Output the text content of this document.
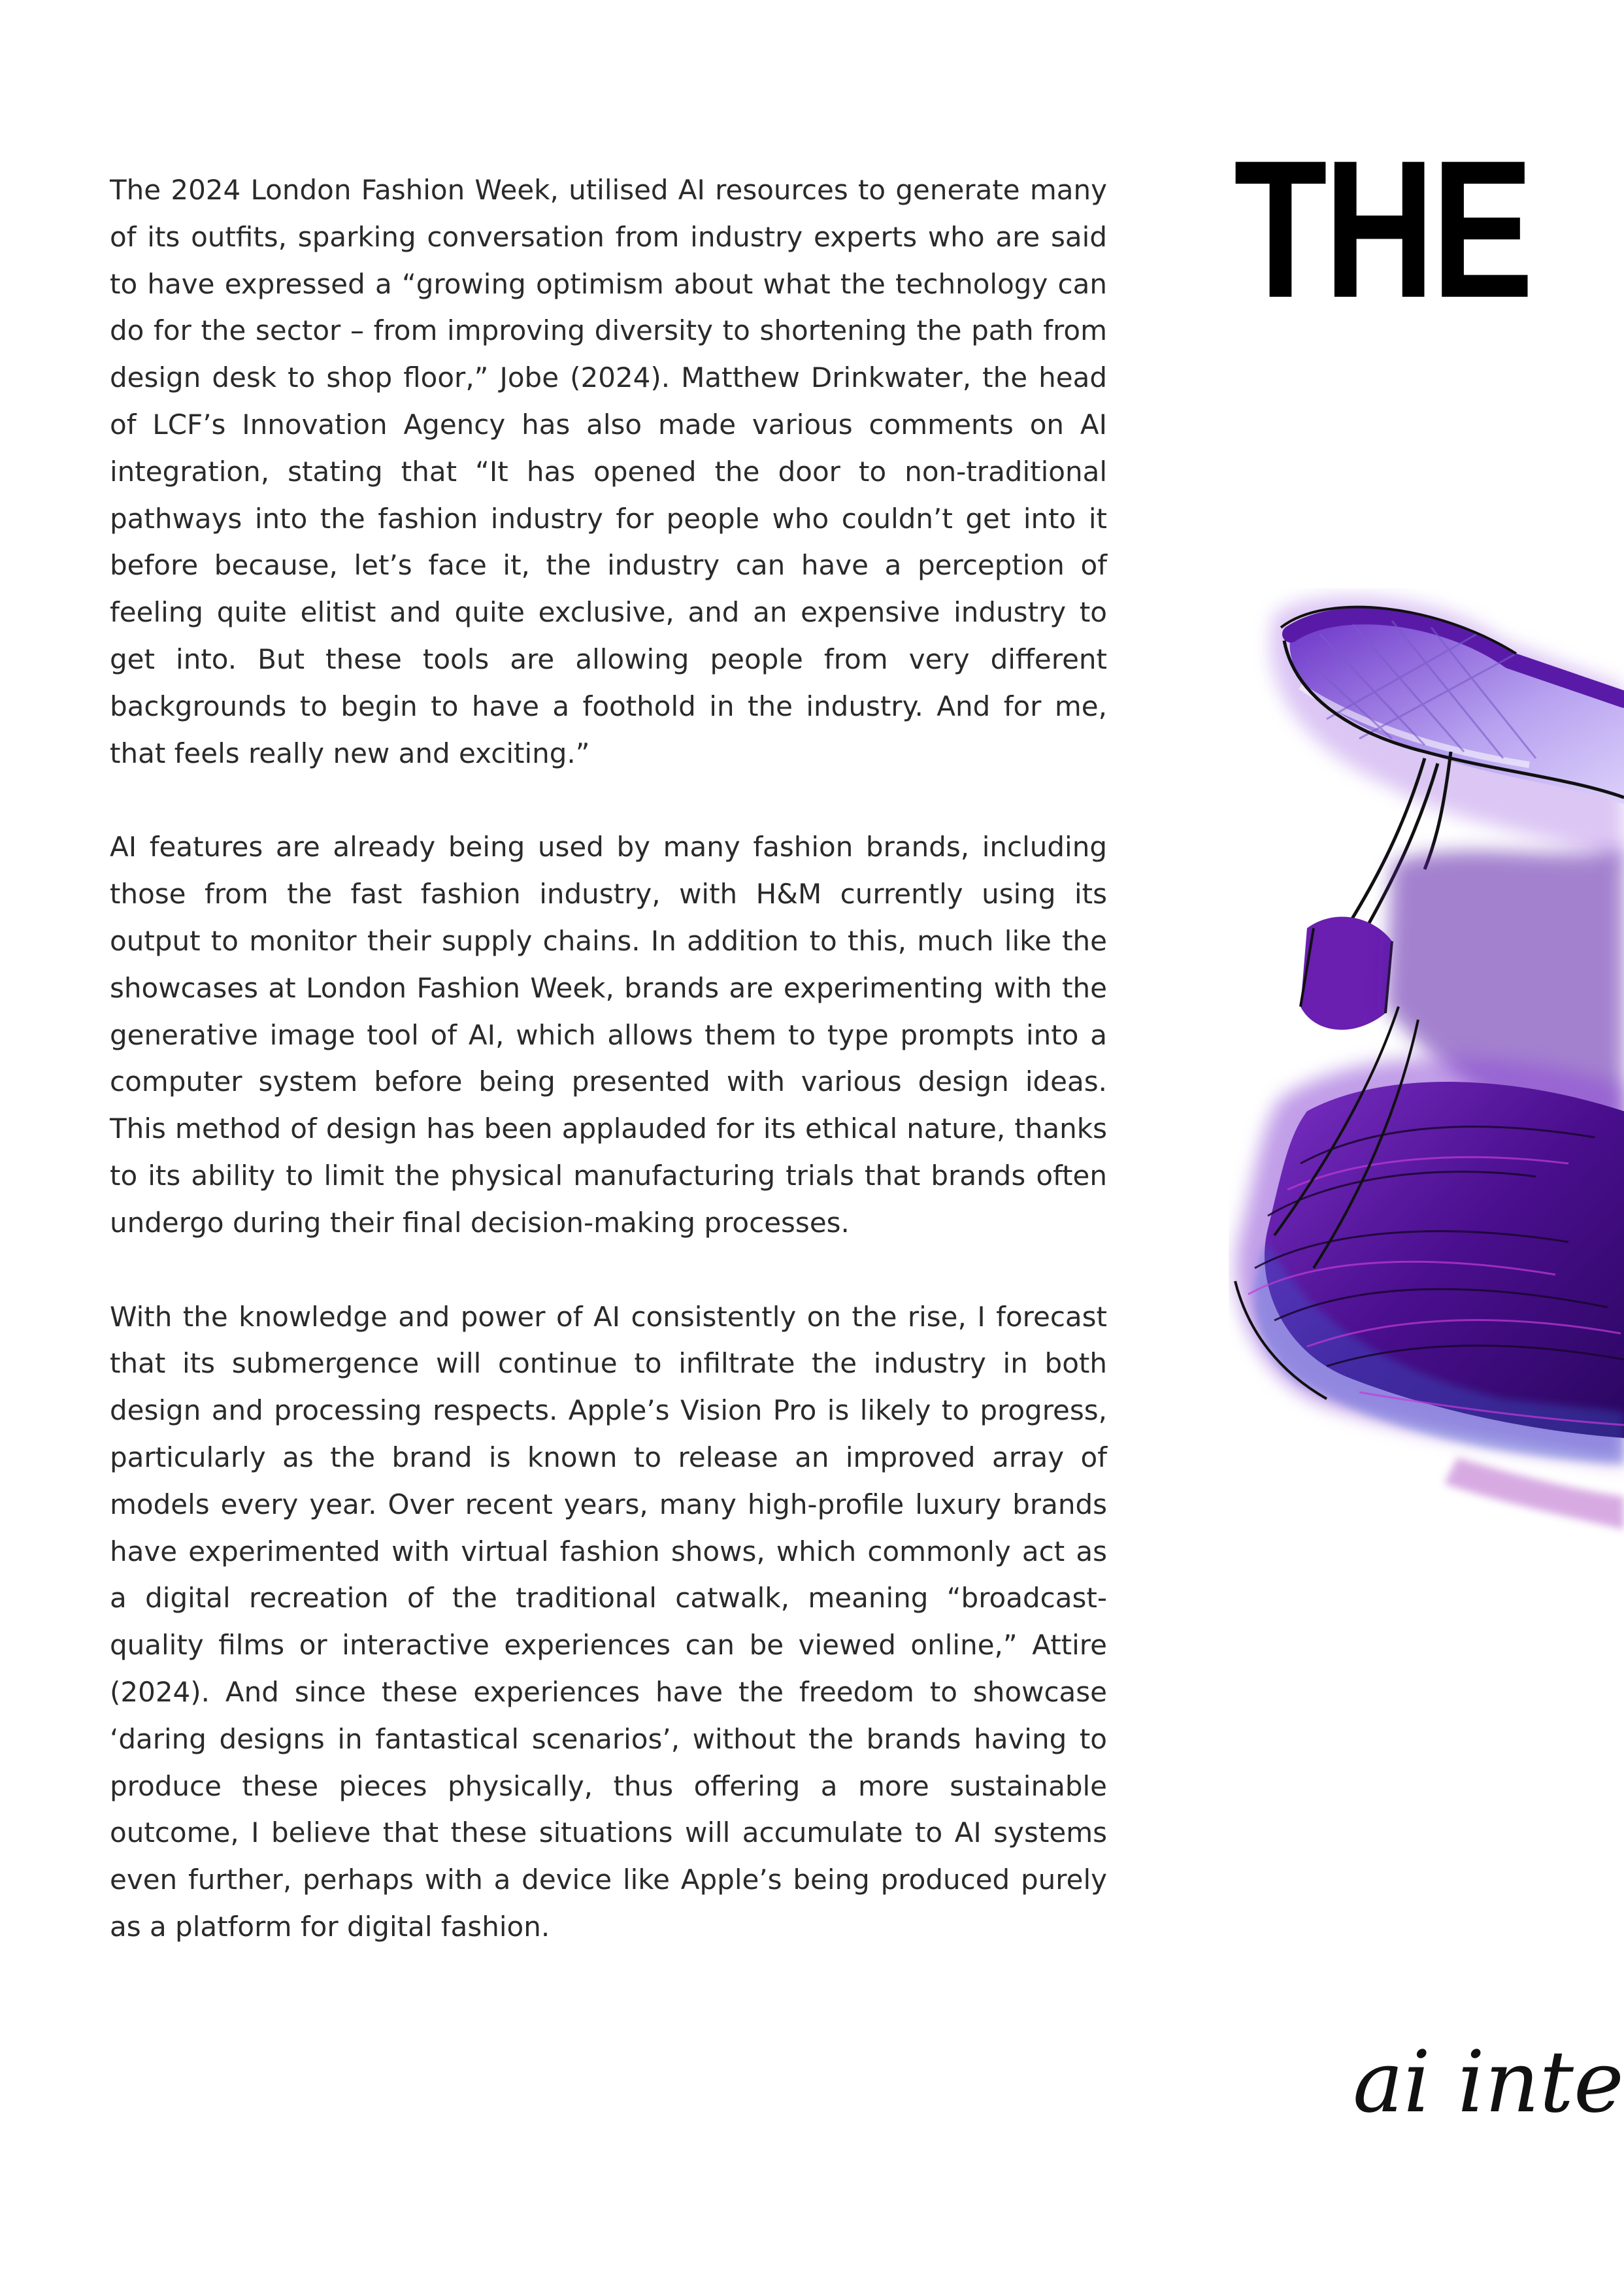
The 2024 London Fashion Week, utilised AI resources to generate many of its outfits, sparking conversation from industry experts who are said to have expressed a “growing optimism about what the technology can do for the sector – from improving diversity to shortening the path from design desk to shop floor,” Jobe (2024). Matthew Drinkwater, the head of LCF’s Innovation Agency has also made various comments on AI integration, stating that “It has opened the door to non-traditional pathways into the fashion industry for people who couldn’t get into it before because, let’s face it, the industry can have a perception of feeling quite elitist and quite exclusive, and an expensive industry to get into. But these tools are allowing people from very different backgrounds to begin to have a foothold in the industry. And for me, that feels really new and exciting.”

AI features are already being used by many fashion brands, including those from the fast fashion industry, with H&M currently using its output to monitor their supply chains. In addition to this, much like the showcases at London Fashion Week, brands are experimenting with the generative image tool of AI, which allows them to type prompts into a computer system before being presented with various design ideas. This method of design has been applauded for its ethical nature, thanks to its ability to limit the physical manufacturing trials that brands often undergo during their final decision-making processes.

With the knowledge and power of AI consistently on the rise, I forecast that its submergence will continue to infiltrate the industry in both design and processing respects. Apple’s Vision Pro is likely to progress, particularly as the brand is known to release an improved array of models every year. Over recent years, many high-profile luxury brands have experimented with virtual fashion shows, which commonly act as a digital recreation of the traditional catwalk, meaning “broadcast-quality films or interactive experiences can be viewed online,” Attire (2024). And since these experiences have the freedom to showcase ‘daring designs in fantastical scenarios’, without the brands having to produce these pieces physically, thus offering a more sustainable outcome, I believe that these situations will accumulate to AI systems even further, perhaps with a device like Apple’s being produced purely as a platform for digital fashion.

THE

ai inte
